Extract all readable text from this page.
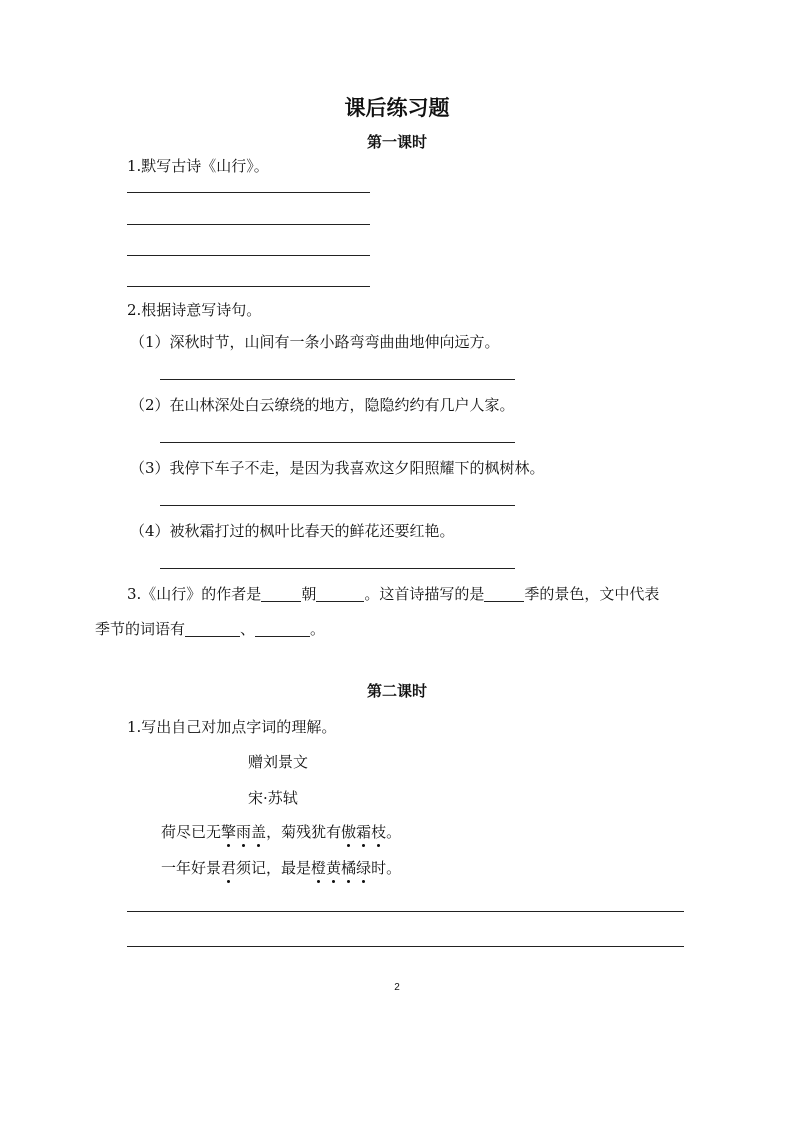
课后练习题
第一课时
1.默写古诗《山行》。
2.根据诗意写诗句。
（1）深秋时节，山间有一条小路弯弯曲曲地伸向远方。
（2）在山林深处白云缭绕的地方，隐隐约约有几户人家。
（3）我停下车子不走，是因为我喜欢这夕阳照耀下的枫树林。
（4）被秋霜打过的枫叶比春天的鲜花还要红艳。
3.《山行》的作者是	朝	。这首诗描写的是	季的景色，文中代表
季节的词语有	、	。
第二课时
1.写出自己对加点字词的理解。
赠刘景文
宋·苏轼
荷尽已无擎雨盖，菊残犹有傲霜枝。
一年好景君须记，最是橙黄橘绿时。
2
